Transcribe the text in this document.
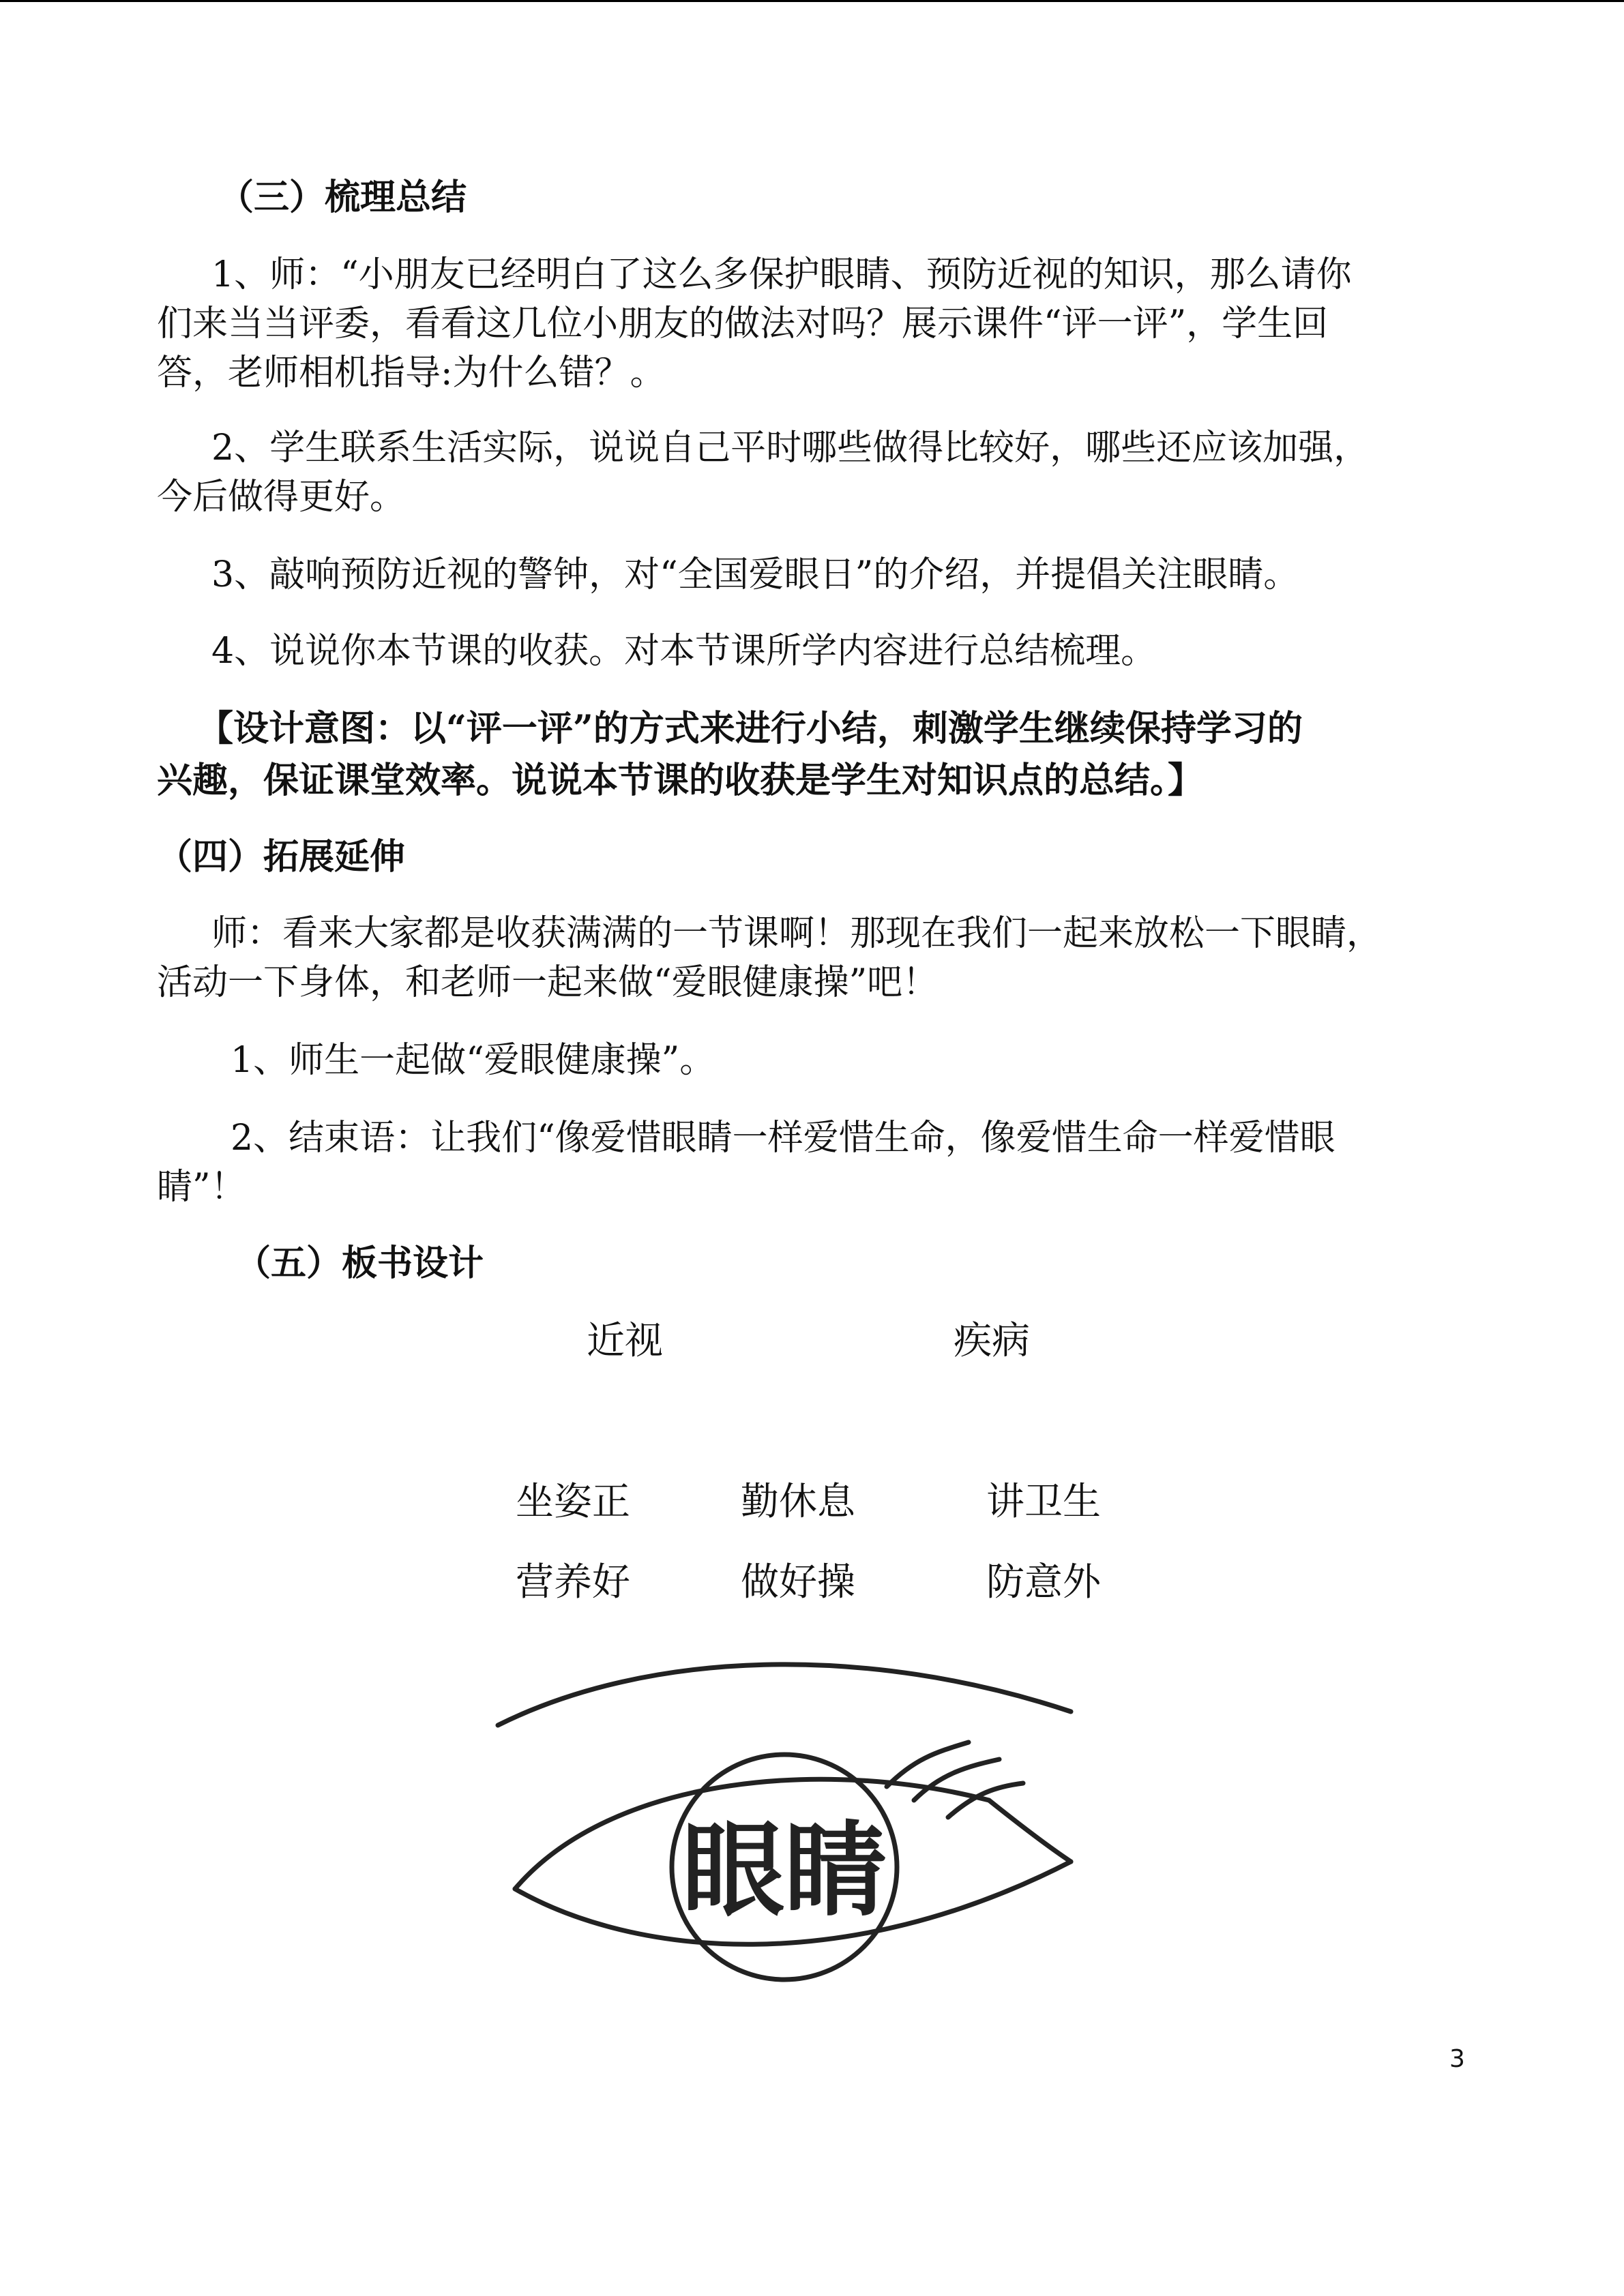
（三）梳理总结

1、师：“小朋友已经明白了这么多保护眼睛、预防近视的知识，那么请你

们来当当评委，看看这几位小朋友的做法对吗？展示课件“评一评”，学生回

答，老师相机指导:为什么错？。

2、学生联系生活实际，说说自己平时哪些做得比较好，哪些还应该加强，

今后做得更好。

3、敲响预防近视的警钟，对“全国爱眼日”的介绍，并提倡关注眼睛。

4、说说你本节课的收获。对本节课所学内容进行总结梳理。

【设计意图：以“评一评”的方式来进行小结，刺激学生继续保持学习的

兴趣，保证课堂效率。说说本节课的收获是学生对知识点的总结。】

（四）拓展延伸

师：看来大家都是收获满满的一节课啊！那现在我们一起来放松一下眼睛，

活动一下身体，和老师一起来做“爱眼健康操”吧！

1、师生一起做“爱眼健康操”。

2、结束语：让我们“像爱惜眼睛一样爱惜生命，像爱惜生命一样爱惜眼

睛”！

（五）板书设计

近视	疾病
坐姿正	勤休息	讲卫生
营养好	做好操	防意外
眼睛
3
